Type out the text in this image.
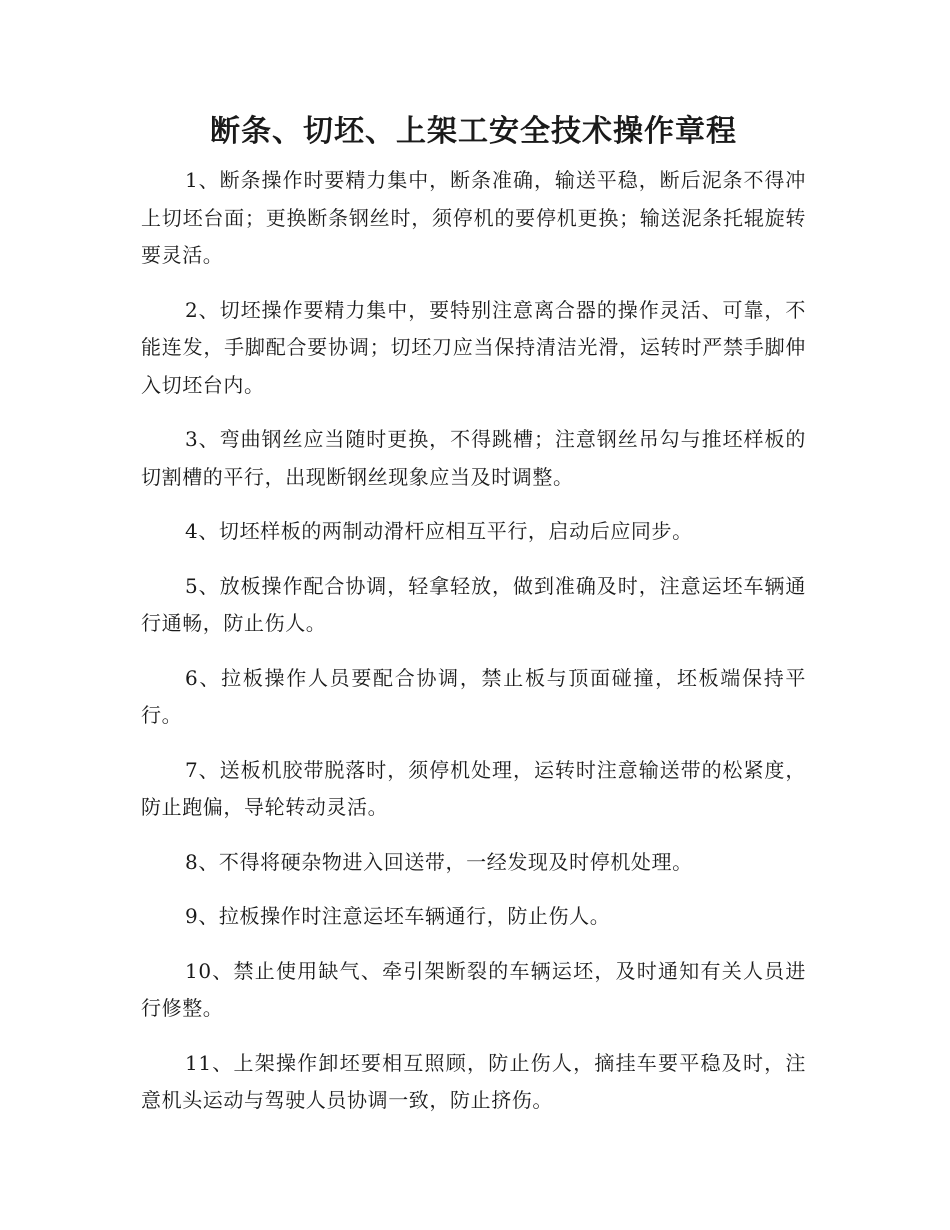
断条、切坯、上架工安全技术操作章程

1、断条操作时要精力集中，断条准确，输送平稳，断后泥条不得冲上切坯台面；更换断条钢丝时，须停机的要停机更换；输送泥条托辊旋转要灵活。

2、切坯操作要精力集中，要特别注意离合器的操作灵活、可靠，不能连发，手脚配合要协调；切坯刀应当保持清洁光滑，运转时严禁手脚伸入切坯台内。

3、弯曲钢丝应当随时更换，不得跳槽；注意钢丝吊勾与推坯样板的切割槽的平行，出现断钢丝现象应当及时调整。

4、切坯样板的两制动滑杆应相互平行，启动后应同步。

5、放板操作配合协调，轻拿轻放，做到准确及时，注意运坯车辆通行通畅，防止伤人。

6、拉板操作人员要配合协调，禁止板与顶面碰撞，坯板端保持平行。

7、送板机胶带脱落时，须停机处理，运转时注意输送带的松紧度，防止跑偏，导轮转动灵活。

8、不得将硬杂物进入回送带，一经发现及时停机处理。

9、拉板操作时注意运坯车辆通行，防止伤人。

10、禁止使用缺气、牵引架断裂的车辆运坯，及时通知有关人员进行修整。

11、上架操作卸坯要相互照顾，防止伤人，摘挂车要平稳及时，注意机头运动与驾驶人员协调一致，防止挤伤。
